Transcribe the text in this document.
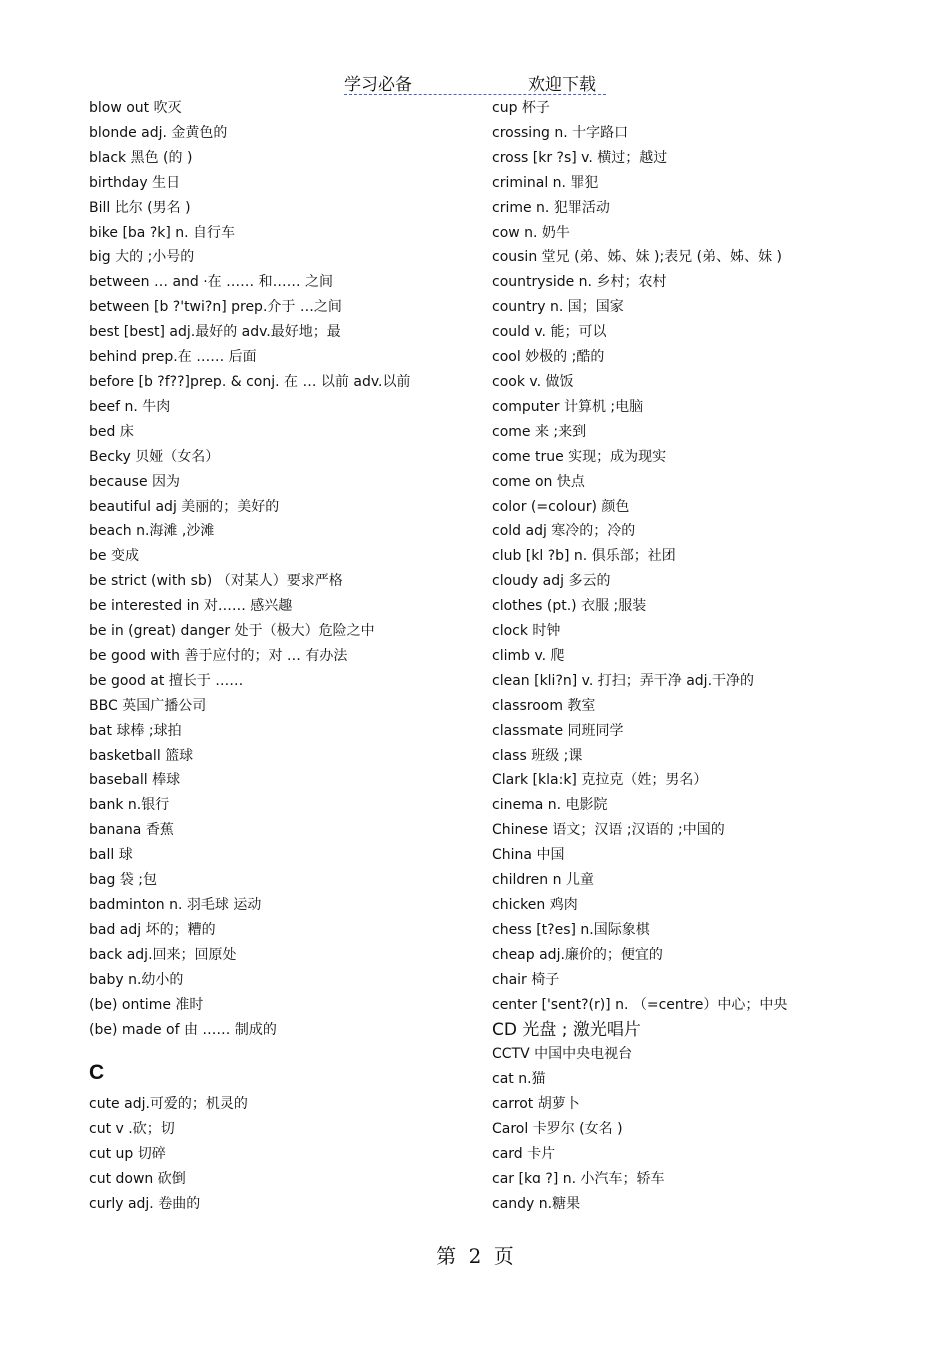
学习必备	欢迎下载
blow out 吹灭
blonde adj. 金黄色的
black 黑色 (的 )
birthday 生日
Bill 比尔 (男名 )
bike [ba ?k] n. 自行车
big 大的 ;小号的
between … and ·在 …… 和…… 之间
between [b ?'twi?n] prep.介于 …之间
best [best] adj.最好的 adv.最好地；最
behind prep.在 …… 后面
before [b ?f??]prep. & conj. 在 … 以前 adv.以前
beef n. 牛肉
bed 床
Becky 贝娅（女名）
because 因为
beautiful adj 美丽的；美好的
beach n.海滩 ,沙滩
be 变成
be strict (with sb) （对某人）要求严格
be interested in 对…… 感兴趣
be in (great) danger 处于（极大）危险之中
be good with 善于应付的；对 … 有办法
be good at 擅长于 ……
BBC 英国广播公司
bat 球棒 ;球拍
basketball 篮球
baseball 棒球
bank n.银行
banana 香蕉
ball 球
bag 袋 ;包
badminton n. 羽毛球 运动
bad adj 坏的；糟的
back adj.回来；回原处
baby n.幼小的
(be) ontime 准时
(be) made of 由 …… 制成的
C
cute adj.可爱的；机灵的
cut v .砍；切
cut up 切碎
cut down 砍倒
curly adj. 卷曲的
cup 杯子
crossing n. 十字路口
cross [kr ?s] v. 横过；越过
criminal n. 罪犯
crime n. 犯罪活动
cow n. 奶牛
cousin 堂兄 (弟、姊、妹 );表兄 (弟、姊、妹 )
countryside n. 乡村；农村
country n. 国；国家
could v. 能；可以
cool 妙极的 ;酷的
cook v. 做饭
computer 计算机 ;电脑
come 来 ;来到
come true 实现；成为现实
come on 快点
color (=colour) 颜色
cold adj 寒冷的；冷的
club [kl ?b] n. 俱乐部；社团
cloudy adj 多云的
clothes (pt.) 衣服 ;服装
clock 时钟
climb v. 爬
clean [kli?n] v. 打扫；弄干净 adj.干净的
classroom 教室
classmate 同班同学
class 班级 ;课
Clark [kla:k] 克拉克（姓；男名）
cinema n. 电影院
Chinese 语文；汉语 ;汉语的 ;中国的
China 中国
children n 儿童
chicken 鸡肉
chess [t?es] n.国际象棋
cheap adj.廉价的；便宜的
chair 椅子
center ['sent?(r)] n. （=centre）中心；中央
CD 光盘 ; 激光唱片
CCTV 中国中央电视台
cat n.猫
carrot 胡萝卜
Carol 卡罗尔 (女名 )
card 卡片
car [kɑ ?] n. 小汽车；轿车
candy n.糖果
第 2 页
